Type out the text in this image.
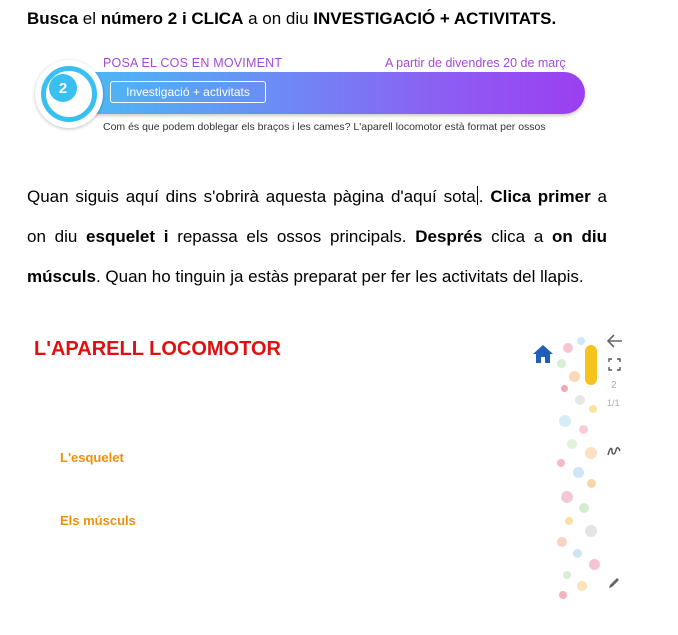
Busca el número 2 i CLICA a on diu INVESTIGACIÓ + ACTIVITATS.
POSA EL COS EN MOVIMENT	A partir de divendres 20 de març
2	Investigació + activitats
Com és que podem doblegar els braços i les cames? L'aparell locomotor està format per ossos

Quan siguis aquí dins s'obrirà aquesta pàgina d'aquí sota . Clica primer a on diu esquelet i repassa els ossos principals. Després clica a on diu músculs. Quan ho tinguin ja estàs preparat per fer les activitats del llapis.

L'APARELL LOCOMOTOR
L'esquelet
Els músculs
2
1/1
